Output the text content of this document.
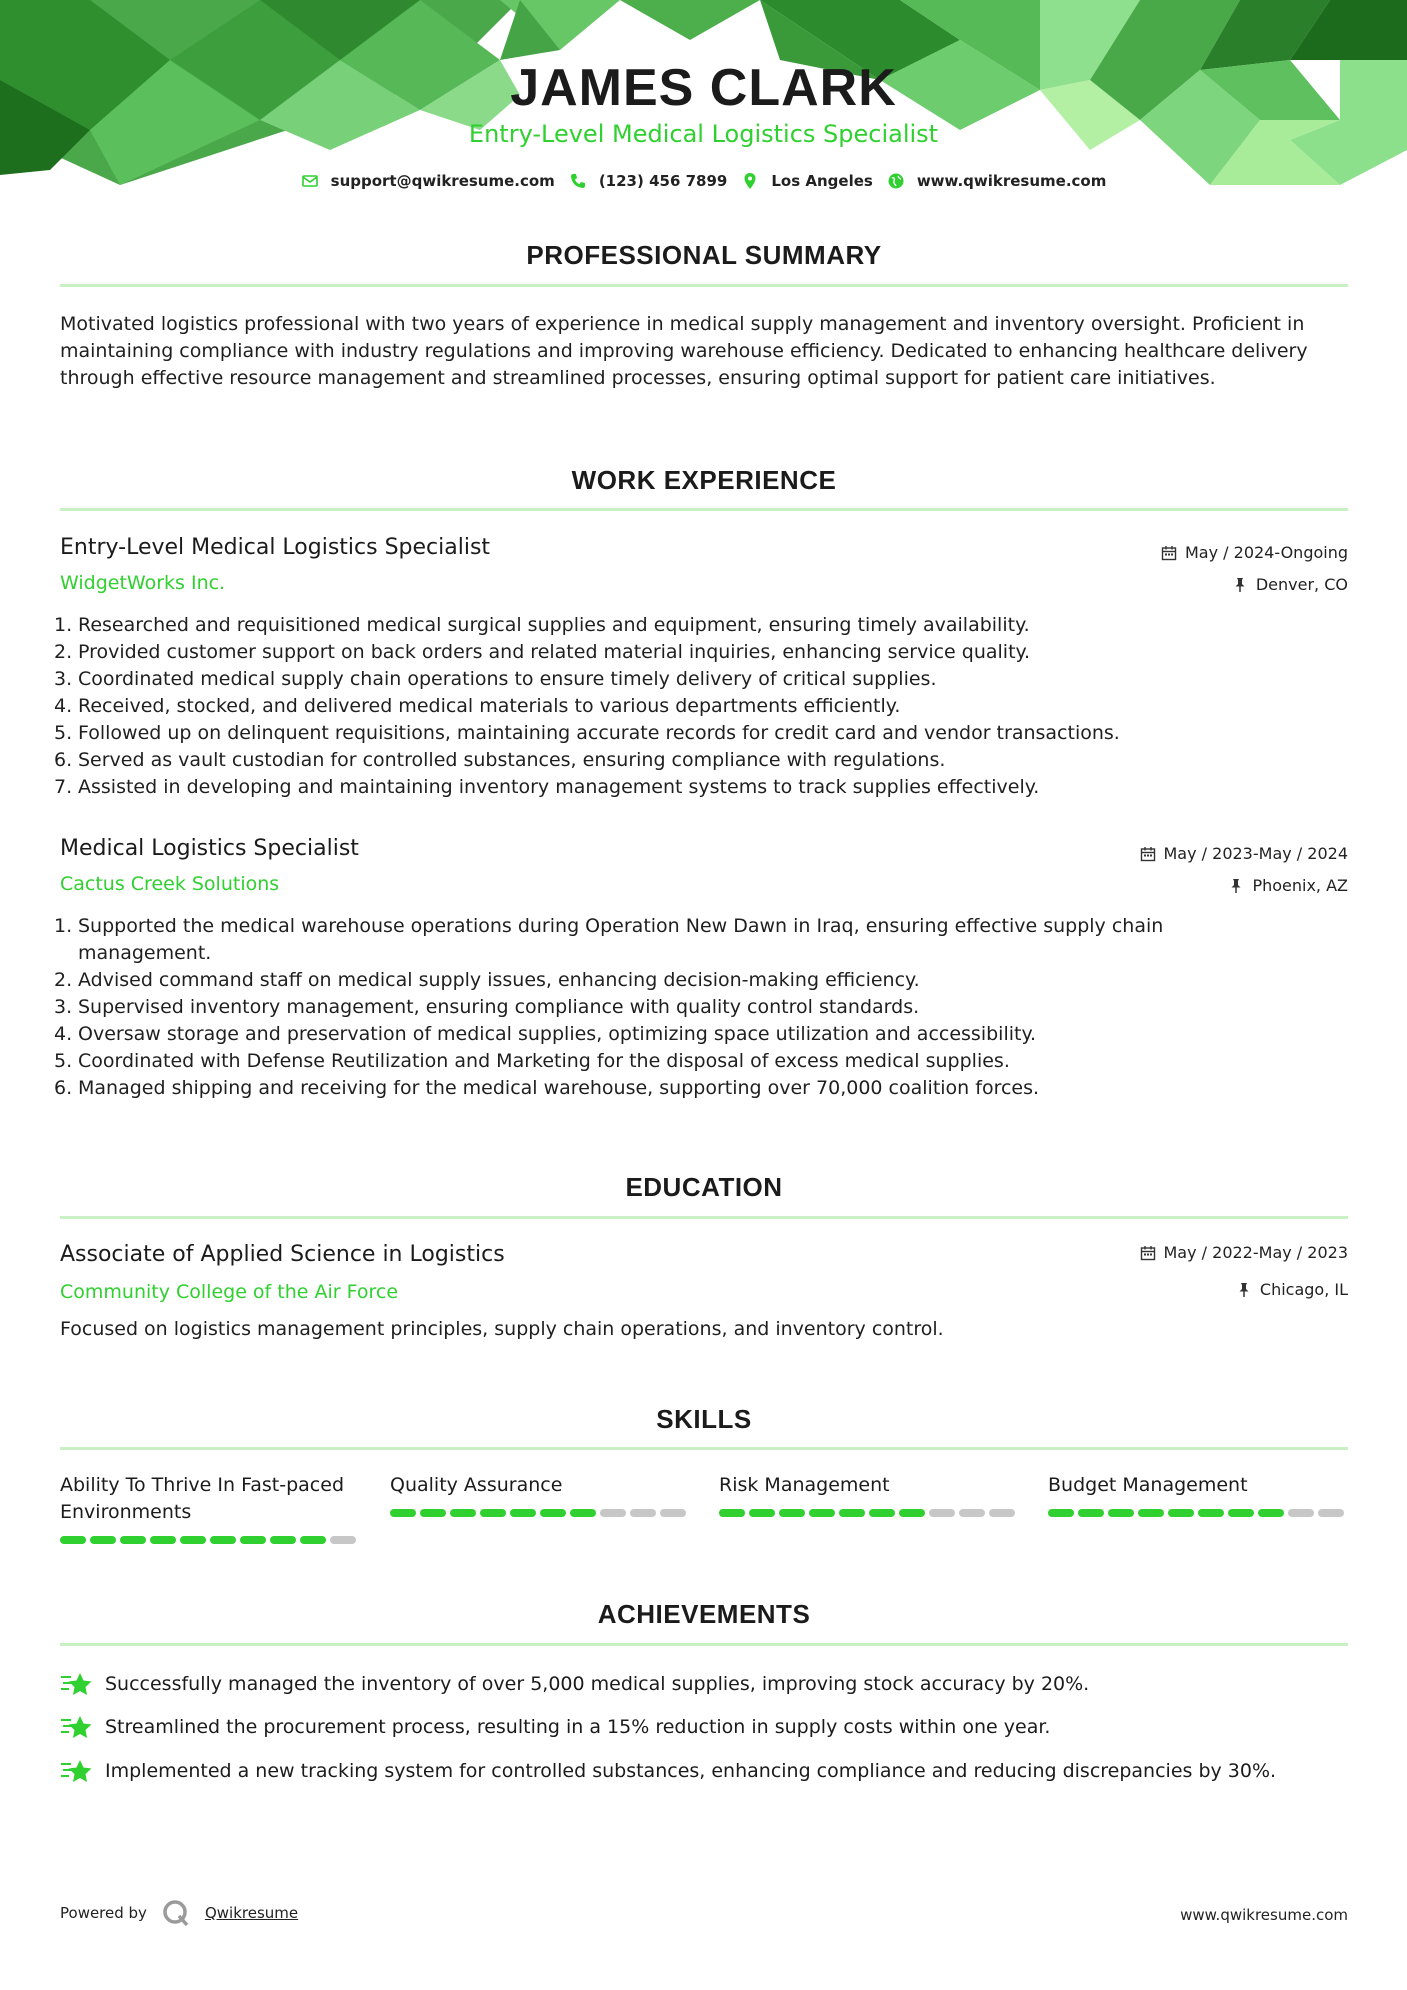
JAMES CLARK
Entry-Level Medical Logistics Specialist
support@qwikresume.com	(123) 456 7899	Los Angeles	www.qwikresume.com
PROFESSIONAL SUMMARY
Motivated logistics professional with two years of experience in medical supply management and inventory oversight. Proficient in maintaining compliance with industry regulations and improving warehouse efficiency. Dedicated to enhancing healthcare delivery through effective resource management and streamlined processes, ensuring optimal support for patient care initiatives.
WORK EXPERIENCE
Entry-Level Medical Logistics Specialist	May / 2024-Ongoing
WidgetWorks Inc.	Denver, CO
1. Researched and requisitioned medical surgical supplies and equipment, ensuring timely availability.
2. Provided customer support on back orders and related material inquiries, enhancing service quality.
3. Coordinated medical supply chain operations to ensure timely delivery of critical supplies.
4. Received, stocked, and delivered medical materials to various departments efficiently.
5. Followed up on delinquent requisitions, maintaining accurate records for credit card and vendor transactions.
6. Served as vault custodian for controlled substances, ensuring compliance with regulations.
7. Assisted in developing and maintaining inventory management systems to track supplies effectively.
Medical Logistics Specialist	May / 2023-May / 2024
Cactus Creek Solutions	Phoenix, AZ
1. Supported the medical warehouse operations during Operation New Dawn in Iraq, ensuring effective supply chain management.
2. Advised command staff on medical supply issues, enhancing decision-making efficiency.
3. Supervised inventory management, ensuring compliance with quality control standards.
4. Oversaw storage and preservation of medical supplies, optimizing space utilization and accessibility.
5. Coordinated with Defense Reutilization and Marketing for the disposal of excess medical supplies.
6. Managed shipping and receiving for the medical warehouse, supporting over 70,000 coalition forces.
EDUCATION
Associate of Applied Science in Logistics	May / 2022-May / 2023
Community College of the Air Force	Chicago, IL
Focused on logistics management principles, supply chain operations, and inventory control.
SKILLS
Ability To Thrive In Fast-paced Environments
Quality Assurance	Risk Management	Budget Management
ACHIEVEMENTS
Successfully managed the inventory of over 5,000 medical supplies, improving stock accuracy by 20%.
Streamlined the procurement process, resulting in a 15% reduction in supply costs within one year.
Implemented a new tracking system for controlled substances, enhancing compliance and reducing discrepancies by 30%.
Powered by	Qwikresume	www.qwikresume.com
